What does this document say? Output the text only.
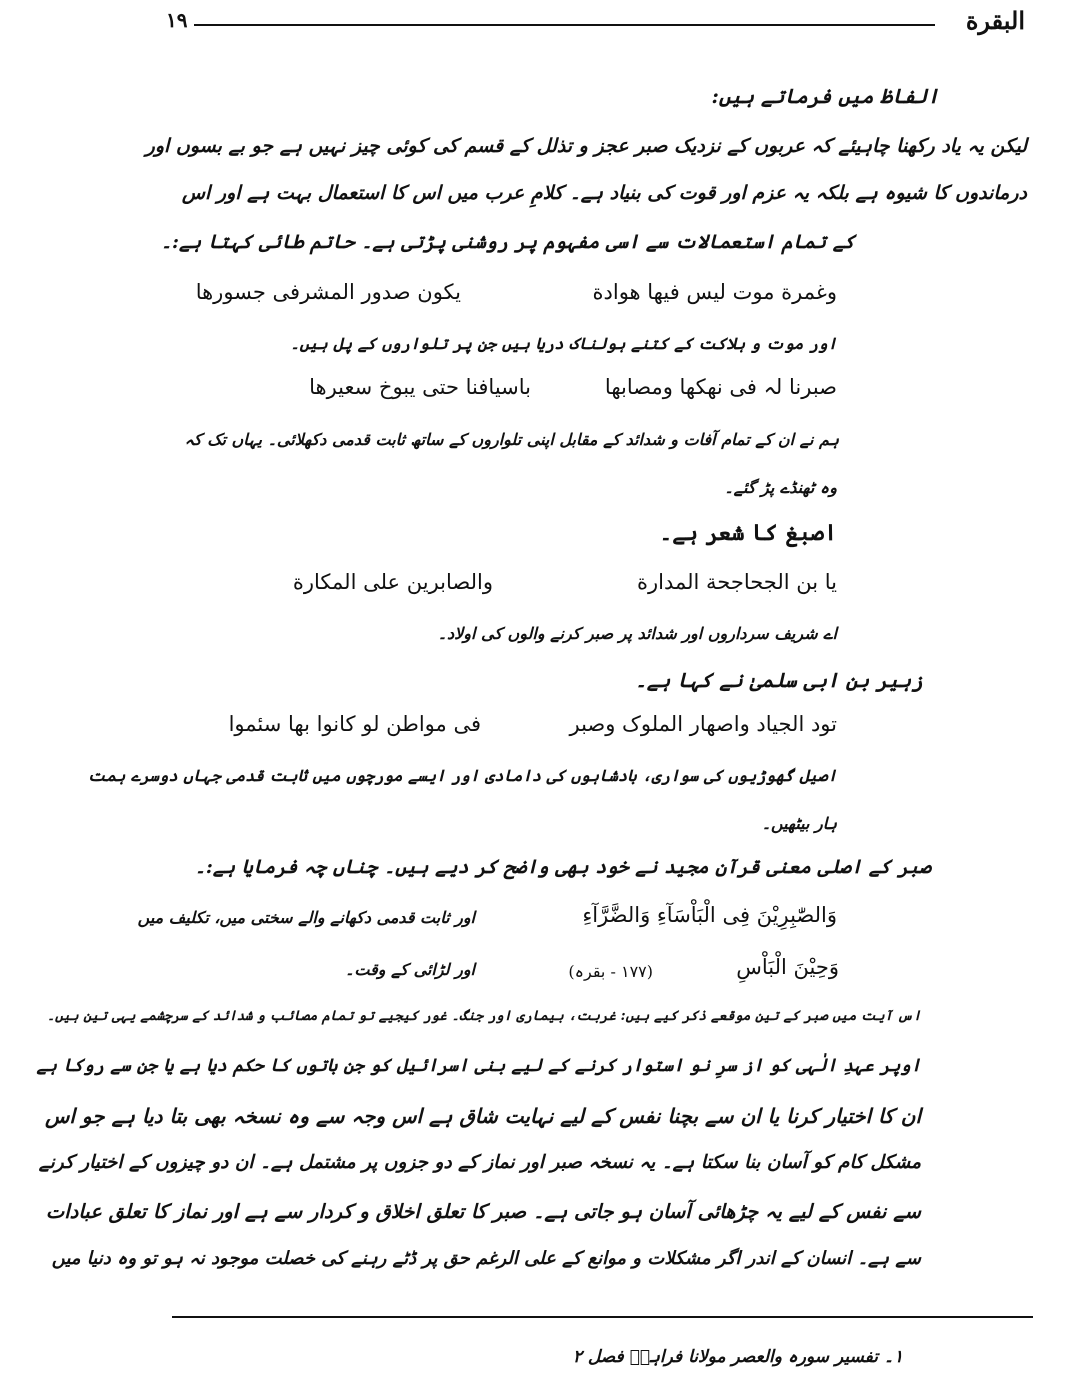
البقرة
١٩
الفاظ میں فرماتے ہیں:
لیکن یہ یاد رکھنا چاہیئے کہ عربوں کے نزدیک صبر عجز و تذلل کے قسم کی کوئی چیز نہیں ہے جو بے بسوں اور
درماندوں کا شیوہ ہے بلکہ یہ عزم اور قوت کی بنیاد ہے۔ کلامِ عرب میں اس کا استعمال بہت ہے اور اس
کے تمام استعمالات سے اسی مفہوم پر روشنی پڑتی ہے۔ حاتم طائی کہتا ہے:۔
وغمرة موت لیس فیھا ھوادة
یکون صدور المشرفی جسورھا
اور موت و ہلاکت کے کتنے ہولناک دریا ہیں جن پر تلواروں کے پل ہیں۔
صبرنا لہ فی نھکھا ومصابھا
باسیافنا حتی یبوخ سعیرھا
ہم نے ان کے تمام آفات و شدائد کے مقابل اپنی تلواروں کے ساتھ ثابت قدمی دکھلائی۔ یہاں تک کہ
وہ ٹھنڈے پڑ گئے۔
اصبغ کا شعر ہے۔
یا بن الجحاجحة المدارة
والصابرین علی المکارة
اے شریف سرداروں اور شدائد پر صبر کرنے والوں کی اولاد۔
زہیر بن ابی سلمیٰ نے کہا ہے۔
تود الجیاد واصھار الملوک وصبر
فی مواطن لو کانوا بھا سئموا
اصیل گھوڑیوں کی سواری، بادشاہوں کی دامادی اور ایسے مورچوں میں ثابت قدمی جہاں دوسرے ہمت
ہار بیٹھیں۔
صبر کے اصلی معنی قرآن مجید نے خود بھی واضح کر دیے ہیں۔ چناں چہ فرمایا ہے:۔
وَالصّٰبِرِیْنَ فِی الْبَاْسَآءِ وَالضَّرَّآءِ
اور ثابت قدمی دکھانے والے سختی میں، تکلیف میں
وَحِیْنَ الْبَاْسِ
(١٧٧ - بقرہ)
اور لڑائی کے وقت۔
اس آیت میں صبر کے تین موقعے ذکر کیے ہیں: غربت، بیماری اور جنگ۔ غور کیجیے تو تمام مصائب و شدائد کے سرچشمے یہی تین ہیں۔
اوپر عہدِ الٰہی کو از سرِ نو استوار کرنے کے لیے بنی اسرائیل کو جن باتوں کا حکم دیا ہے یا جن سے روکا ہے
ان کا اختیار کرنا یا ان سے بچنا نفس کے لیے نہایت شاق ہے اس وجہ سے وہ نسخہ بھی بتا دیا ہے جو اس
مشکل کام کو آسان بنا سکتا ہے۔ یہ نسخہ صبر اور نماز کے دو جزوں پر مشتمل ہے۔ ان دو چیزوں کے اختیار کرنے
سے نفس کے لیے یہ چڑھائی آسان ہو جاتی ہے۔ صبر کا تعلق اخلاق و کردار سے ہے اور نماز کا تعلق عبادات
سے ہے۔ انسان کے اندر اگر مشکلات و موانع کے علی الرغم حق پر ڈٹے رہنے کی خصلت موجود نہ ہو تو وہ دنیا میں
۱۔ تفسیر سورہ والعصر مولانا فراہیؒ فصل ۲
